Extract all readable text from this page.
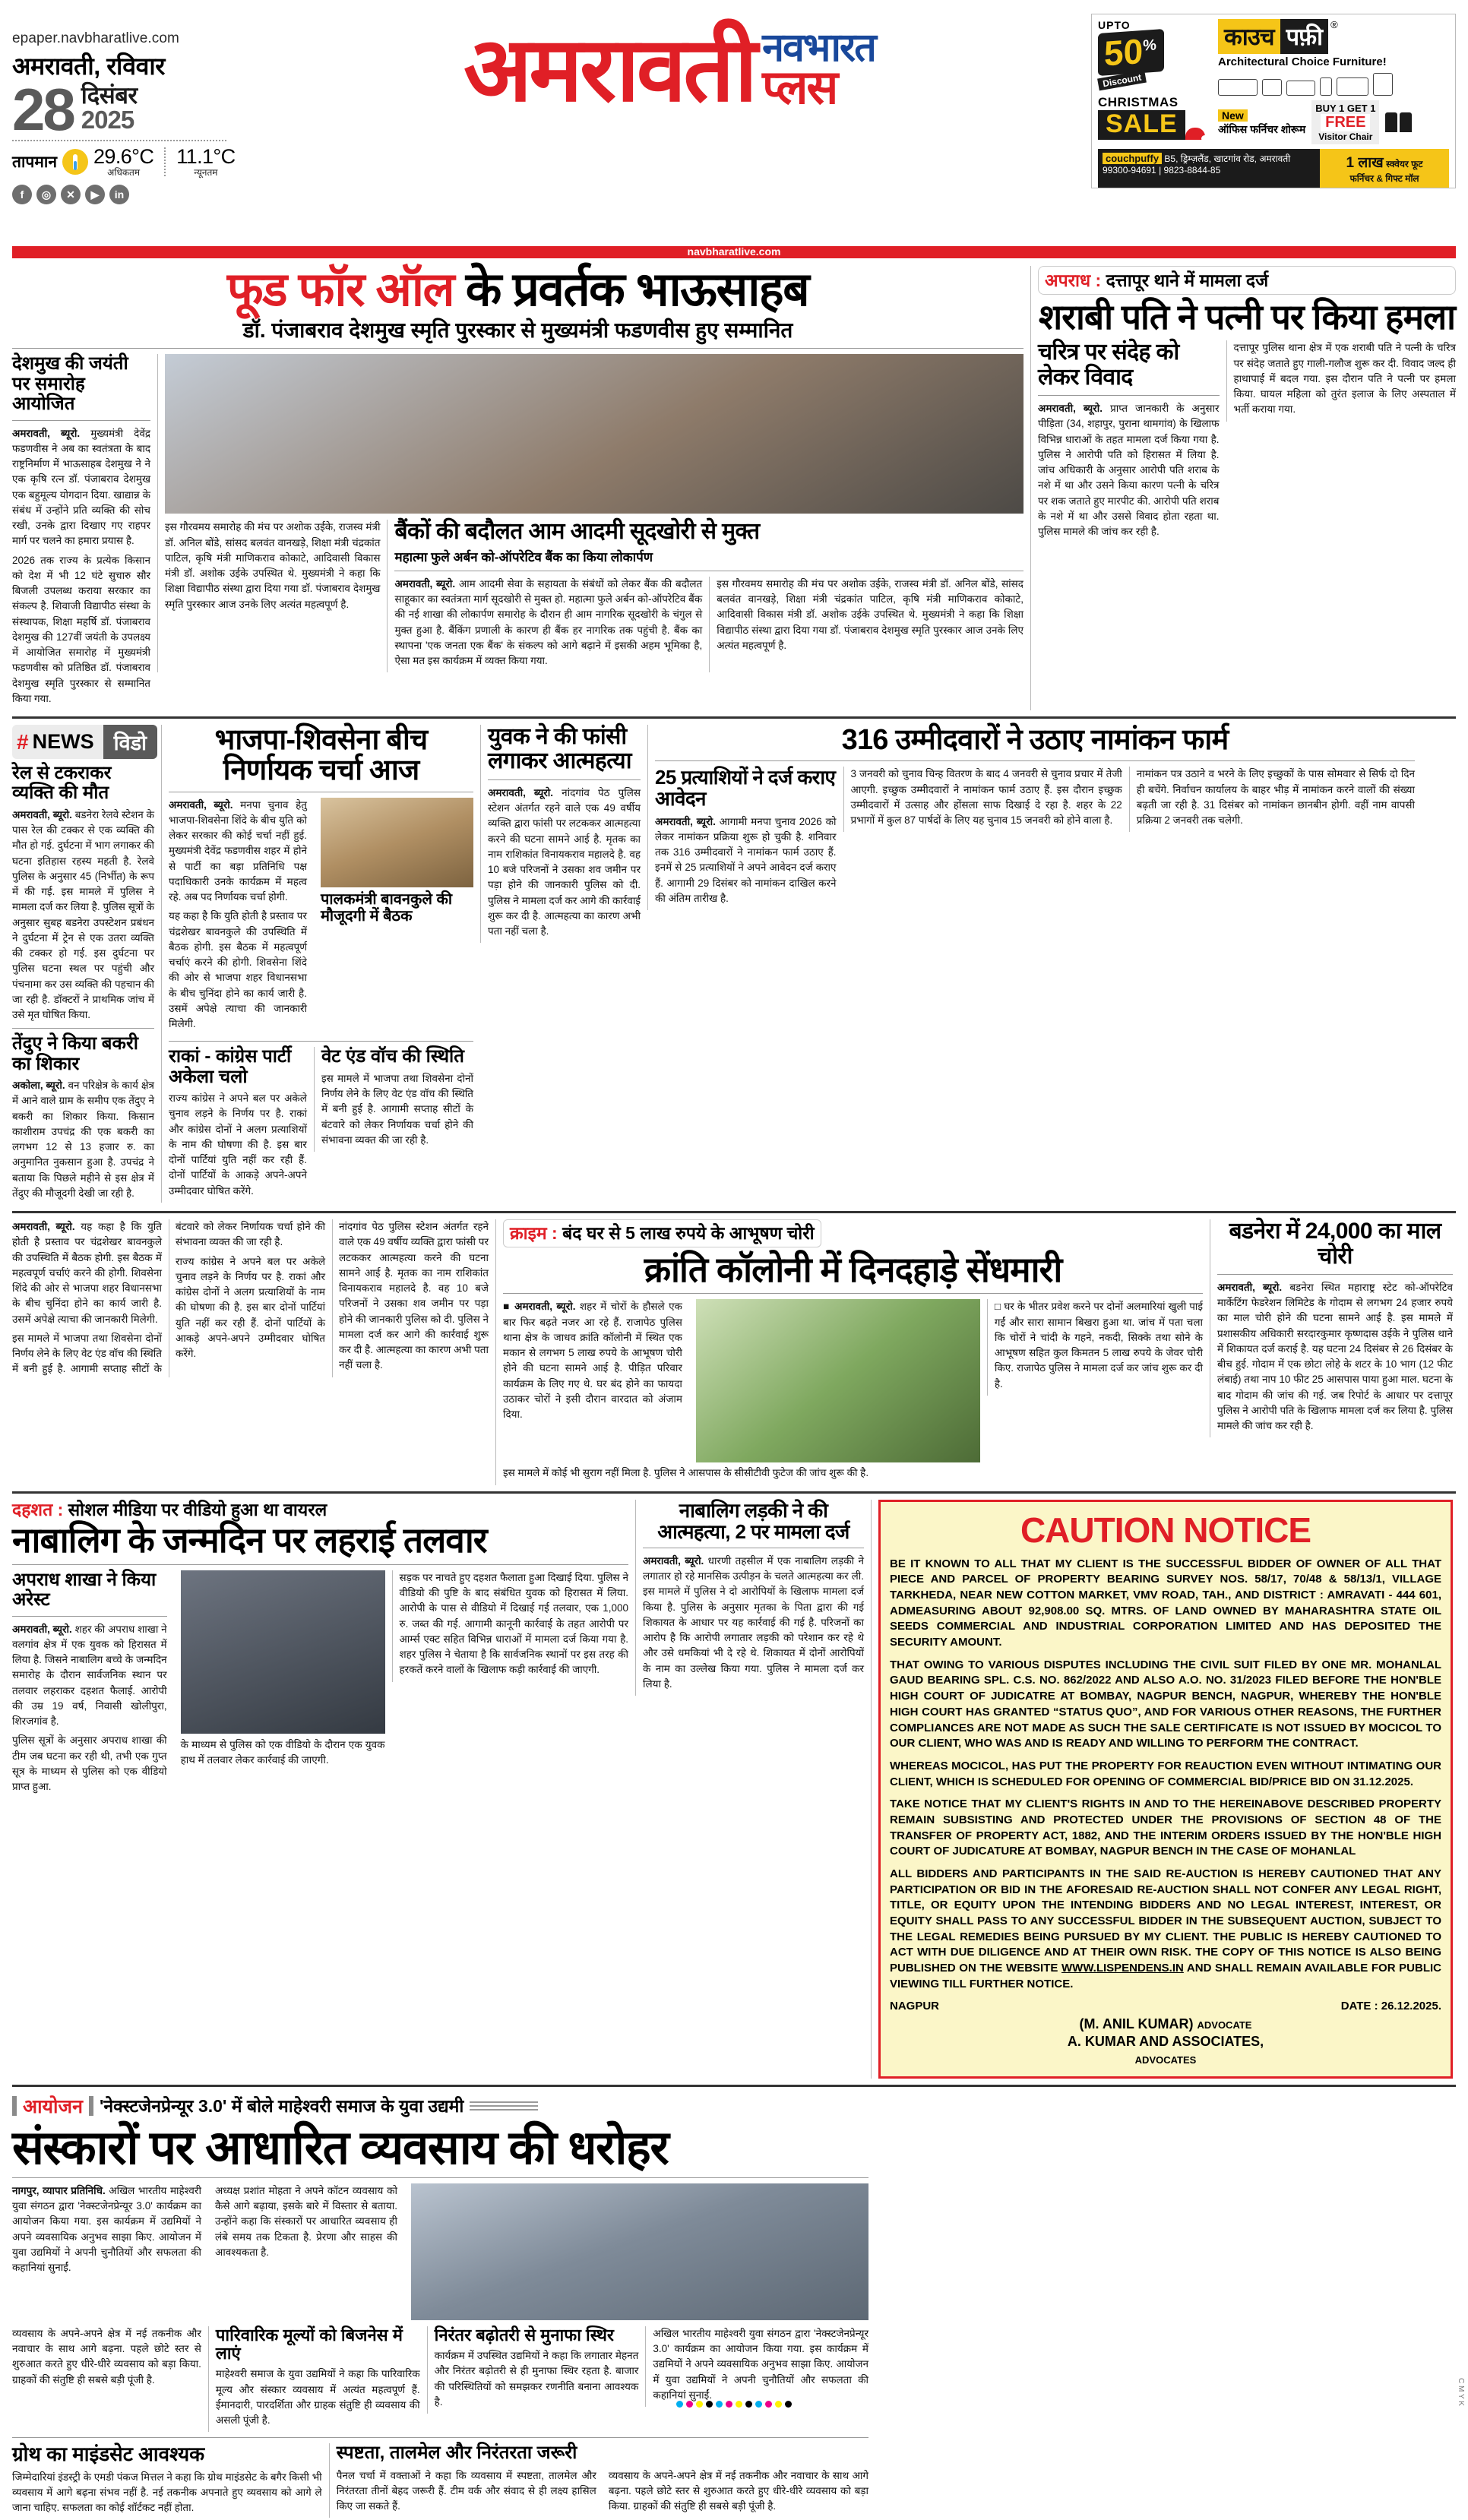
epaper.navbharatlive.com
अमरावती, रविवार
28 दिसंबर
2025
तापमान 29.6°C
अधिकतम
11.1°C
न्यूनतम
f	◎	✕	▶	in
अमरावती नवभारत
प्लस
UPTO
50% Discount
CHRISTMAS
SALE
काउच पफ़ी ®
Architectural Choice Furniture!
New
ऑफिस फर्निचर शोरूम
BUY 1 GET 1
FREE
Visitor Chair
couchpuffy B5, ड्रिम्ज़लैंड, खाटगांव रोड, अमरावती
99300-94691 | 9823-8844-85	1 लाख स्क्वेयर फूट
फर्निचर & गिफ्ट मॉल
navbharatlive.com
फूड फॉर ऑल के प्रवर्तक भाऊसाहब
डॉ. पंजाबराव देशमुख स्मृति पुरस्कार से मुख्यमंत्री फडणवीस हुए सम्मानित
देशमुख की जयंती पर समारोह आयोजित

अमरावती, ब्यूरो. मुख्यमंत्री देवेंद्र फडणवीस ने अब का स्वतंत्रता के बाद राष्ट्रनिर्माण में भाऊसाहब देशमुख ने ने एक कृषि रत्न डॉ. पंजाबराव देशमुख एक बहुमूल्य योगदान दिया. खाद्यान्न के संबंध में उन्होंने प्रति व्यक्ति की सोच रखी, उनके द्वारा दिखाए गए राहपर मार्ग पर चलने का हमारा प्रयास है.

2026 तक राज्य के प्रत्येक किसान को देश में भी 12 घंटे सुचारु सौर बिजली उपलब्ध कराया सरकार का संकल्प है. शिवाजी विद्यापीठ संस्था के संस्थापक, शिक्षा महर्षि डॉ. पंजाबराव देशमुख की 127वीं जयंती के उपलक्ष्य में आयोजित समारोह में मुख्यमंत्री फडणवीस को प्रतिष्ठित डॉ. पंजाबराव देशमुख स्मृति पुरस्कार से सम्मानित किया गया.

इस गौरवमय समारोह की मंच पर अशोक उईके, राजस्व मंत्री डॉ. अनिल बोंडे, सांसद बलवंत वानखड़े, शिक्षा मंत्री चंद्रकांत पाटिल, कृषि मंत्री माणिकराव कोकाटे, आदिवासी विकास मंत्री डॉ. अशोक उईके उपस्थित थे. मुख्यमंत्री ने कहा कि शिक्षा विद्यापीठ संस्था द्वारा दिया गया डॉ. पंजाबराव देशमुख स्मृति पुरस्कार आज उनके लिए अत्यंत महत्वपूर्ण है.

बैंकों की बदौलत आम आदमी सूदखोरी से मुक्त
महात्मा फुले अर्बन को-ऑपरेटिव बैंक का किया लोकार्पण

अमरावती, ब्यूरो. आम आदमी सेवा के सहायता के संबंधों को लेकर बैंक की बदौलत साहूकार का स्वतंत्रता मार्ग सूदखोरी से मुक्त हो. महात्मा फुले अर्बन को-ऑपरेटिव बैंक की नई शाखा की लोकार्पण समारोह के दौरान ही आम नागरिक सूदखोरी के चंगुल से मुक्त हुआ है. बैंकिंग प्रणाली के कारण ही बैंक हर नागरिक तक पहुंची है. बैंक का स्थापना 'एक जनता एक बैंक' के संकल्प को आगे बढ़ाने में इसकी अहम भूमिका है, ऐसा मत इस कार्यक्रम में व्यक्त किया गया.

इस गौरवमय समारोह की मंच पर अशोक उईके, राजस्व मंत्री डॉ. अनिल बोंडे, सांसद बलवंत वानखड़े, शिक्षा मंत्री चंद्रकांत पाटिल, कृषि मंत्री माणिकराव कोकाटे, आदिवासी विकास मंत्री डॉ. अशोक उईके उपस्थित थे. मुख्यमंत्री ने कहा कि शिक्षा विद्यापीठ संस्था द्वारा दिया गया डॉ. पंजाबराव देशमुख स्मृति पुरस्कार आज उनके लिए अत्यंत महत्वपूर्ण है.

अपराध : दत्तापूर थाने में मामला दर्ज
शराबी पति ने पत्नी पर किया हमला
चरित्र पर संदेह को लेकर विवाद

अमरावती, ब्यूरो. प्राप्त जानकारी के अनुसार पीड़िता (34, शहापुर, पुराना थामगांव) के खिलाफ विभिन्न धाराओं के तहत मामला दर्ज किया गया है. पुलिस ने आरोपी पति को हिरासत में लिया है. जांच अधिकारी के अनुसार आरोपी पति शराब के नशे में था और उसने किया कारण पत्नी के चरित्र पर शक जताते हुए मारपीट की. आरोपी पति शराब के नशे में था और उससे विवाद होता रहता था. पुलिस मामले की जांच कर रही है.

दत्तापूर पुलिस थाना क्षेत्र में एक शराबी पति ने पत्नी के चरित्र पर संदेह जताते हुए गाली-गलौज शुरू कर दी. विवाद जल्द ही हाथापाई में बदल गया. इस दौरान पति ने पत्नी पर हमला किया. घायल महिला को तुरंत इलाज के लिए अस्पताल में भर्ती कराया गया.

# NEWS विडो
रेल से टकराकर व्यक्ति की मौत

अमरावती, ब्यूरो. बडनेरा रेलवे स्टेशन के पास रेल की टक्कर से एक व्यक्ति की मौत हो गई. दुर्घटना में भाग लगाकर की घटना इतिहास रहस्य महती है. रेलवे पुलिस के अनुसार 45 (निर्भीत) के रूप में की गई. इस मामले में पुलिस ने मामला दर्ज कर लिया है. पुलिस सूत्रों के अनुसार सुबह बडनेरा उपस्टेशन प्रबंधन ने दुर्घटना में ट्रेन से एक उतरा व्यक्ति की टक्कर हो गई. इस दुर्घटना पर पुलिस घटना स्थल पर पहुंची और पंचनामा कर उस व्यक्ति की पहचान की जा रही है. डॉक्टरों ने प्राथमिक जांच में उसे मृत घोषित किया.

तेंदुए ने किया बकरी का शिकार

अकोला, ब्यूरो. वन परिक्षेत्र के कार्य क्षेत्र में आने वाले ग्राम के समीप एक तेंदुए ने बकरी का शिकार किया. किसान काशीराम उपचंद्र की एक बकरी का लगभग 12 से 13 हजार रु. का अनुमानित नुकसान हुआ है. उपचंद्र ने बताया कि पिछले महीने से इस क्षेत्र में तेंदुए की मौजूदगी देखी जा रही है.

भाजपा-शिवसेना बीच निर्णायक चर्चा आज

अमरावती, ब्यूरो. मनपा चुनाव हेतु भाजपा-शिवसेना शिंदे के बीच युति को लेकर सरकार की कोई चर्चा नहीं हुई. मुख्यमंत्री देवेंद्र फडणवीस शहर में होने से पार्टी का बड़ा प्रतिनिधि पक्ष पदाधिकारी उनके कार्यक्रम में महत्व रहे. अब पद निर्णायक चर्चा होगी.

यह कहा है कि युति होती है प्रस्ताव पर चंद्रशेखर बावनकुले की उपस्थिति में बैठक होगी. इस बैठक में महत्वपूर्ण चर्चाएं करने की होगी. शिवसेना शिंदे की ओर से भाजपा शहर विधानसभा के बीच चुनिंदा होने का कार्य जारी है. उसमें अपेक्षे त्याचा की जानकारी मिलेगी.

पालकमंत्री बावनकुले की मौजूदगी में बैठक
राकां - कांग्रेस पार्टी अकेला चलो

राज्य कांग्रेस ने अपने बल पर अकेले चुनाव लड़ने के निर्णय पर है. राकां और कांग्रेस दोनों ने अलग प्रत्याशियों के नाम की घोषणा की है. इस बार दोनों पार्टियां युति नहीं कर रही हैं. दोनों पार्टियों के आकड़े अपने-अपने उम्मीदवार घोषित करेंगे.

वेट एंड वॉच की स्थिति

इस मामले में भाजपा तथा शिवसेना दोनों निर्णय लेने के लिए वेट एंड वॉच की स्थिति में बनी हुई है. आगामी सप्ताह सीटों के बंटवारे को लेकर निर्णायक चर्चा होने की संभावना व्यक्त की जा रही है.

युवक ने की फांसी लगाकर आत्महत्या

अमरावती, ब्यूरो. नांदगांव पेठ पुलिस स्टेशन अंतर्गत रहने वाले एक 49 वर्षीय व्यक्ति द्वारा फांसी पर लटककर आत्महत्या करने की घटना सामने आई है. मृतक का नाम राशिकांत विनायकराव महालदे है. वह 10 बजे परिजनों ने उसका शव जमीन पर पड़ा होने की जानकारी पुलिस को दी. पुलिस ने मामला दर्ज कर आगे की कार्रवाई शुरू कर दी है. आत्महत्या का कारण अभी पता नहीं चला है.

316 उम्मीदवारों ने उठाए नामांकन फार्म
25 प्रत्याशियों ने दर्ज कराए आवेदन

अमरावती, ब्यूरो. आगामी मनपा चुनाव 2026 को लेकर नामांकन प्रक्रिया शुरू हो चुकी है. शनिवार तक 316 उम्मीदवारों ने नामांकन फार्म उठाए हैं. इनमें से 25 प्रत्याशियों ने अपने आवेदन दर्ज कराए हैं. आगामी 29 दिसंबर को नामांकन दाखिल करने की अंतिम तारीख है.

3 जनवरी को चुनाव चिन्ह वितरण के बाद 4 जनवरी से चुनाव प्रचार में तेजी आएगी. इच्छुक उम्मीदवारों ने नामांकन फार्म उठाए हैं. इस दौरान इच्छुक उम्मीदवारों में उत्साह और होंसला साफ दिखाई दे रहा है. शहर के 22 प्रभागों में कुल 87 पार्षदों के लिए यह चुनाव 15 जनवरी को होने वाला है.

नामांकन पत्र उठाने व भरने के लिए इच्छुकों के पास सोमवार से सिर्फ दो दिन ही बचेंगे. निर्वाचन कार्यालय के बाहर भीड़ में नामांकन करने वालों की संख्या बढ़ती जा रही है. 31 दिसंबर को नामांकन छानबीन होगी. वहीं नाम वापसी प्रक्रिया 2 जनवरी तक चलेगी.

अमरावती, ब्यूरो. यह कहा है कि युति होती है प्रस्ताव पर चंद्रशेखर बावनकुले की उपस्थिति में बैठक होगी. इस बैठक में महत्वपूर्ण चर्चाएं करने की होगी. शिवसेना शिंदे की ओर से भाजपा शहर विधानसभा के बीच चुनिंदा होने का कार्य जारी है. उसमें अपेक्षे त्याचा की जानकारी मिलेगी.

इस मामले में भाजपा तथा शिवसेना दोनों निर्णय लेने के लिए वेट एंड वॉच की स्थिति में बनी हुई है. आगामी सप्ताह सीटों के बंटवारे को लेकर निर्णायक चर्चा होने की संभावना व्यक्त की जा रही है.

राज्य कांग्रेस ने अपने बल पर अकेले चुनाव लड़ने के निर्णय पर है. राकां और कांग्रेस दोनों ने अलग प्रत्याशियों के नाम की घोषणा की है. इस बार दोनों पार्टियां युति नहीं कर रही हैं. दोनों पार्टियों के आकड़े अपने-अपने उम्मीदवार घोषित करेंगे.

नांदगांव पेठ पुलिस स्टेशन अंतर्गत रहने वाले एक 49 वर्षीय व्यक्ति द्वारा फांसी पर लटककर आत्महत्या करने की घटना सामने आई है. मृतक का नाम राशिकांत विनायकराव महालदे है. वह 10 बजे परिजनों ने उसका शव जमीन पर पड़ा होने की जानकारी पुलिस को दी. पुलिस ने मामला दर्ज कर आगे की कार्रवाई शुरू कर दी है. आत्महत्या का कारण अभी पता नहीं चला है.

क्राइम : बंद घर से 5 लाख रुपये के आभूषण चोरी
क्रांति कॉलोनी में दिनदहाड़े सेंधमारी

■ अमरावती, ब्यूरो. शहर में चोरों के हौसले एक बार फिर बढ़ते नजर आ रहे हैं. राजापेठ पुलिस थाना क्षेत्र के जाधव क्रांति कॉलोनी में स्थित एक मकान से लगभग 5 लाख रुपये के आभूषण चोरी होने की घटना सामने आई है. पीड़ित परिवार कार्यक्रम के लिए गए थे. घर बंद होने का फायदा उठाकर चोरों ने इसी दौरान वारदात को अंजाम दिया.

□ घर के भीतर प्रवेश करने पर दोनों अलमारियां खुली पाई गईं और सारा सामान बिखरा हुआ था. जांच में पता चला कि चोरों ने चांदी के गहने, नकदी, सिक्के तथा सोने के आभूषण सहित कुल किमतन 5 लाख रुपये के जेवर चोरी किए. राजापेठ पुलिस ने मामला दर्ज कर जांच शुरू कर दी है.

इस मामले में कोई भी सुराग नहीं मिला है. पुलिस ने आसपास के सीसीटीवी फुटेज की जांच शुरू की है.

बडनेरा में 24,000 का माल चोरी

अमरावती, ब्यूरो. बडनेरा स्थित महाराष्ट्र स्टेट को-ऑपरेटिव मार्केटिंग फेडरेशन लिमिटेड के गोदाम से लगभग 24 हजार रुपये का माल चोरी होने की घटना सामने आई है. इस मामले में प्रशासकीय अधिकारी सरदारकुमार कृष्णदास उईके ने पुलिस थाने में शिकायत दर्ज कराई है. यह घटना 24 दिसंबर से 26 दिसंबर के बीच हुई. गोदाम में एक छोटा लोहे के शटर के 10 भाग (12 फीट लंबाई) तथा नाप 10 फीट 25 आसपास पाया हुआ माल. घटना के बाद गोदाम की जांच की गई. जब रिपोर्ट के आधार पर दत्तापूर पुलिस ने आरोपी पति के खिलाफ मामला दर्ज कर लिया है. पुलिस मामले की जांच कर रही है.

दहशत : सोशल मीडिया पर वीडियो हुआ था वायरल
नाबालिग के जन्मदिन पर लहराई तलवार
अपराध शाखा ने किया अरेस्ट

अमरावती, ब्यूरो. शहर की अपराध शाखा ने वलगांव क्षेत्र में एक युवक को हिरासत में लिया है. जिसने नाबालिग बच्चे के जन्मदिन समारोह के दौरान सार्वजनिक स्थान पर तलवार लहराकर दहशत फैलाई. आरोपी की उम्र 19 वर्ष, निवासी खोलीपुरा, शिरजगांव है.

पुलिस सूत्रों के अनुसार अपराध शाखा की टीम जब घटना कर रही थी, तभी एक गुप्त सूत्र के माध्यम से पुलिस को एक वीडियो प्राप्त हुआ.

के माध्यम से पुलिस को एक वीडियो के दौरान एक युवक हाथ में तलवार लेकर कार्रवाई की जाएगी.

सड़क पर नाचते हुए दहशत फैलाता हुआ दिखाई दिया. पुलिस ने वीडियो की पुष्टि के बाद संबंधित युवक को हिरासत में लिया. आरोपी के पास से वीडियो में दिखाई गई तलवार, एक 1,000 रु. जब्त की गई. आगामी कानूनी कार्रवाई के तहत आरोपी पर आर्म्स एक्ट सहित विभिन्न धाराओं में मामला दर्ज किया गया है. शहर पुलिस ने चेताया है कि सार्वजनिक स्थानों पर इस तरह की हरकतें करने वालों के खिलाफ कड़ी कार्रवाई की जाएगी.

नाबालिग लड़की ने की आत्महत्या, 2 पर मामला दर्ज

अमरावती, ब्यूरो. धारणी तहसील में एक नाबालिग लड़की ने लगातार हो रहे मानसिक उत्पीड़न के चलते आत्महत्या कर ली. इस मामले में पुलिस ने दो आरोपियों के खिलाफ मामला दर्ज किया है. पुलिस के अनुसार मृतका के पिता द्वारा की गई शिकायत के आधार पर यह कार्रवाई की गई है. परिजनों का आरोप है कि आरोपी लगातार लड़की को परेशान कर रहे थे और उसे धमकियां भी दे रहे थे. शिकायत में दोनों आरोपियों के नाम का उल्लेख किया गया. पुलिस ने मामला दर्ज कर लिया है.

CAUTION NOTICE

BE IT KNOWN TO ALL THAT MY CLIENT IS THE SUCCESSFUL BIDDER OF OWNER OF ALL THAT PIECE AND PARCEL OF PROPERTY BEARING SURVEY NOS. 58/17, 70/48 & 58/13/1, VILLAGE TARKHEDA, NEAR NEW COTTON MARKET, VMV ROAD, TAH., AND DISTRICT : AMRAVATI - 444 601, ADMEASURING ABOUT 92,908.00 SQ. MTRS. OF LAND OWNED BY MAHARASHTRA STATE OIL SEEDS COMMERCIAL AND INDUSTRIAL CORPORATION LIMITED AND HAS DEPOSITED THE SECURITY AMOUNT.

THAT OWING TO VARIOUS DISPUTES INCLUDING THE CIVIL SUIT FILED BY ONE MR. MOHANLAL GAUD BEARING SPL. C.S. NO. 862/2022 AND ALSO A.O. NO. 31/2023 FILED BEFORE THE HON'BLE HIGH COURT OF JUDICATRE AT BOMBAY, NAGPUR BENCH, NAGPUR, WHEREBY THE HON'BLE HIGH COURT HAS GRANTED “STATUS QUO”, AND FOR VARIOUS OTHER REASONS, THE FURTHER COMPLIANCES ARE NOT MADE AS SUCH THE SALE CERTIFICATE IS NOT ISSUED BY MOCICOL TO OUR CLIENT, WHO WAS AND IS READY AND WILLING TO PERFORM THE CONTRACT.

WHEREAS MOCICOL, HAS PUT THE PROPERTY FOR REAUCTION EVEN WITHOUT INTIMATING OUR CLIENT, WHICH IS SCHEDULED FOR OPENING OF COMMERCIAL BID/PRICE BID ON 31.12.2025.

TAKE NOTICE THAT MY CLIENT'S RIGHTS IN AND TO THE HEREINABOVE DESCRIBED PROPERTY REMAIN SUBSISTING AND PROTECTED UNDER THE PROVISIONS OF SECTION 48 OF THE TRANSFER OF PROPERTY ACT, 1882, AND THE INTERIM ORDERS ISSUED BY THE HON'BLE HIGH COURT OF JUDICATURE AT BOMBAY, NAGPUR BENCH IN THE CASE OF MOHANLAL

ALL BIDDERS AND PARTICIPANTS IN THE SAID RE-AUCTION IS HEREBY CAUTIONED THAT ANY PARTICIPATION OR BID IN THE AFORESAID RE-AUCTION SHALL NOT CONFER ANY LEGAL RIGHT, TITLE, OR EQUITY UPON THE INTENDING BIDDERS AND NO LEGAL INTEREST, INTEREST, OR EQUITY SHALL PASS TO ANY SUCCESSFUL BIDDER IN THE SUBSEQUENT AUCTION, SUBJECT TO THE LEGAL REMEDIES BEING PURSUED BY MY CLIENT. THE PUBLIC IS HEREBY CAUTIONED TO ACT WITH DUE DILIGENCE AND AT THEIR OWN RISK. THE COPY OF THIS NOTICE IS ALSO BEING PUBLISHED ON THE WEBSITE WWW.LISPENDENS.IN AND SHALL REMAIN AVAILABLE FOR PUBLIC VIEWING TILL FURTHER NOTICE.

NAGPUR	DATE : 26.12.2025.
(M. ANIL KUMAR) ADVOCATE
A. KUMAR AND ASSOCIATES,
ADVOCATES
आयोजन 'नेक्स्टजेनप्रेन्यूर 3.0' में बोले माहेश्वरी समाज के युवा उद्यमी
संस्कारों पर आधारित व्यवसाय की धरोहर

नागपुर, व्यापार प्रतिनिधि. अखिल भारतीय माहेश्वरी युवा संगठन द्वारा 'नेक्स्टजेनप्रेन्यूर 3.0' कार्यक्रम का आयोजन किया गया. इस कार्यक्रम में उद्यमियों ने अपने व्यवसायिक अनुभव साझा किए. आयोजन में युवा उद्यमियों ने अपनी चुनौतियों और सफलता की कहानियां सुनाईं.

अध्यक्ष प्रशांत मोहता ने अपने कॉटन व्यवसाय को कैसे आगे बढ़ाया, इसके बारे में विस्तार से बताया. उन्होंने कहा कि संस्कारों पर आधारित व्यवसाय ही लंबे समय तक टिकता है. प्रेरणा और साहस की आवश्यकता है.

व्यवसाय के अपने-अपने क्षेत्र में नई तकनीक और नवाचार के साथ आगे बढ़ना. पहले छोटे स्तर से शुरुआत करते हुए धीरे-धीरे व्यवसाय को बड़ा किया. ग्राहकों की संतुष्टि ही सबसे बड़ी पूंजी है.

पारिवारिक मूल्यों को बिजनेस में लाएं

माहेश्वरी समाज के युवा उद्यमियों ने कहा कि पारिवारिक मूल्य और संस्कार व्यवसाय में अत्यंत महत्वपूर्ण हैं. ईमानदारी, पारदर्शिता और ग्राहक संतुष्टि ही व्यवसाय की असली पूंजी है.

निरंतर बढ़ोतरी से मुनाफा स्थिर

कार्यक्रम में उपस्थित उद्यमियों ने कहा कि लगातार मेहनत और निरंतर बढ़ोतरी से ही मुनाफा स्थिर रहता है. बाजार की परिस्थितियों को समझकर रणनीति बनाना आवश्यक है.

अखिल भारतीय माहेश्वरी युवा संगठन द्वारा 'नेक्स्टजेनप्रेन्यूर 3.0' कार्यक्रम का आयोजन किया गया. इस कार्यक्रम में उद्यमियों ने अपने व्यवसायिक अनुभव साझा किए. आयोजन में युवा उद्यमियों ने अपनी चुनौतियों और सफलता की कहानियां सुनाईं.

ग्रोथ का माइंडसेट आवश्यक

जिम्मेदारियां इंडस्ट्री के एमडी पंकज मित्तल ने कहा कि ग्रोथ माइंडसेट के बगैर किसी भी व्यवसाय में आगे बढ़ना संभव नहीं है. नई तकनीक अपनाते हुए व्यवसाय को आगे ले जाना चाहिए. सफलता का कोई शॉर्टकट नहीं होता.

स्पष्टता, तालमेल और निरंतरता जरूरी

पैनल चर्चा में वक्ताओं ने कहा कि व्यवसाय में स्पष्टता, तालमेल और निरंतरता तीनों बेहद जरूरी हैं. टीम वर्क और संवाद से ही लक्ष्य हासिल किए जा सकते हैं.

व्यवसाय के अपने-अपने क्षेत्र में नई तकनीक और नवाचार के साथ आगे बढ़ना. पहले छोटे स्तर से शुरुआत करते हुए धीरे-धीरे व्यवसाय को बड़ा किया. ग्राहकों की संतुष्टि ही सबसे बड़ी पूंजी है.

C M Y K
